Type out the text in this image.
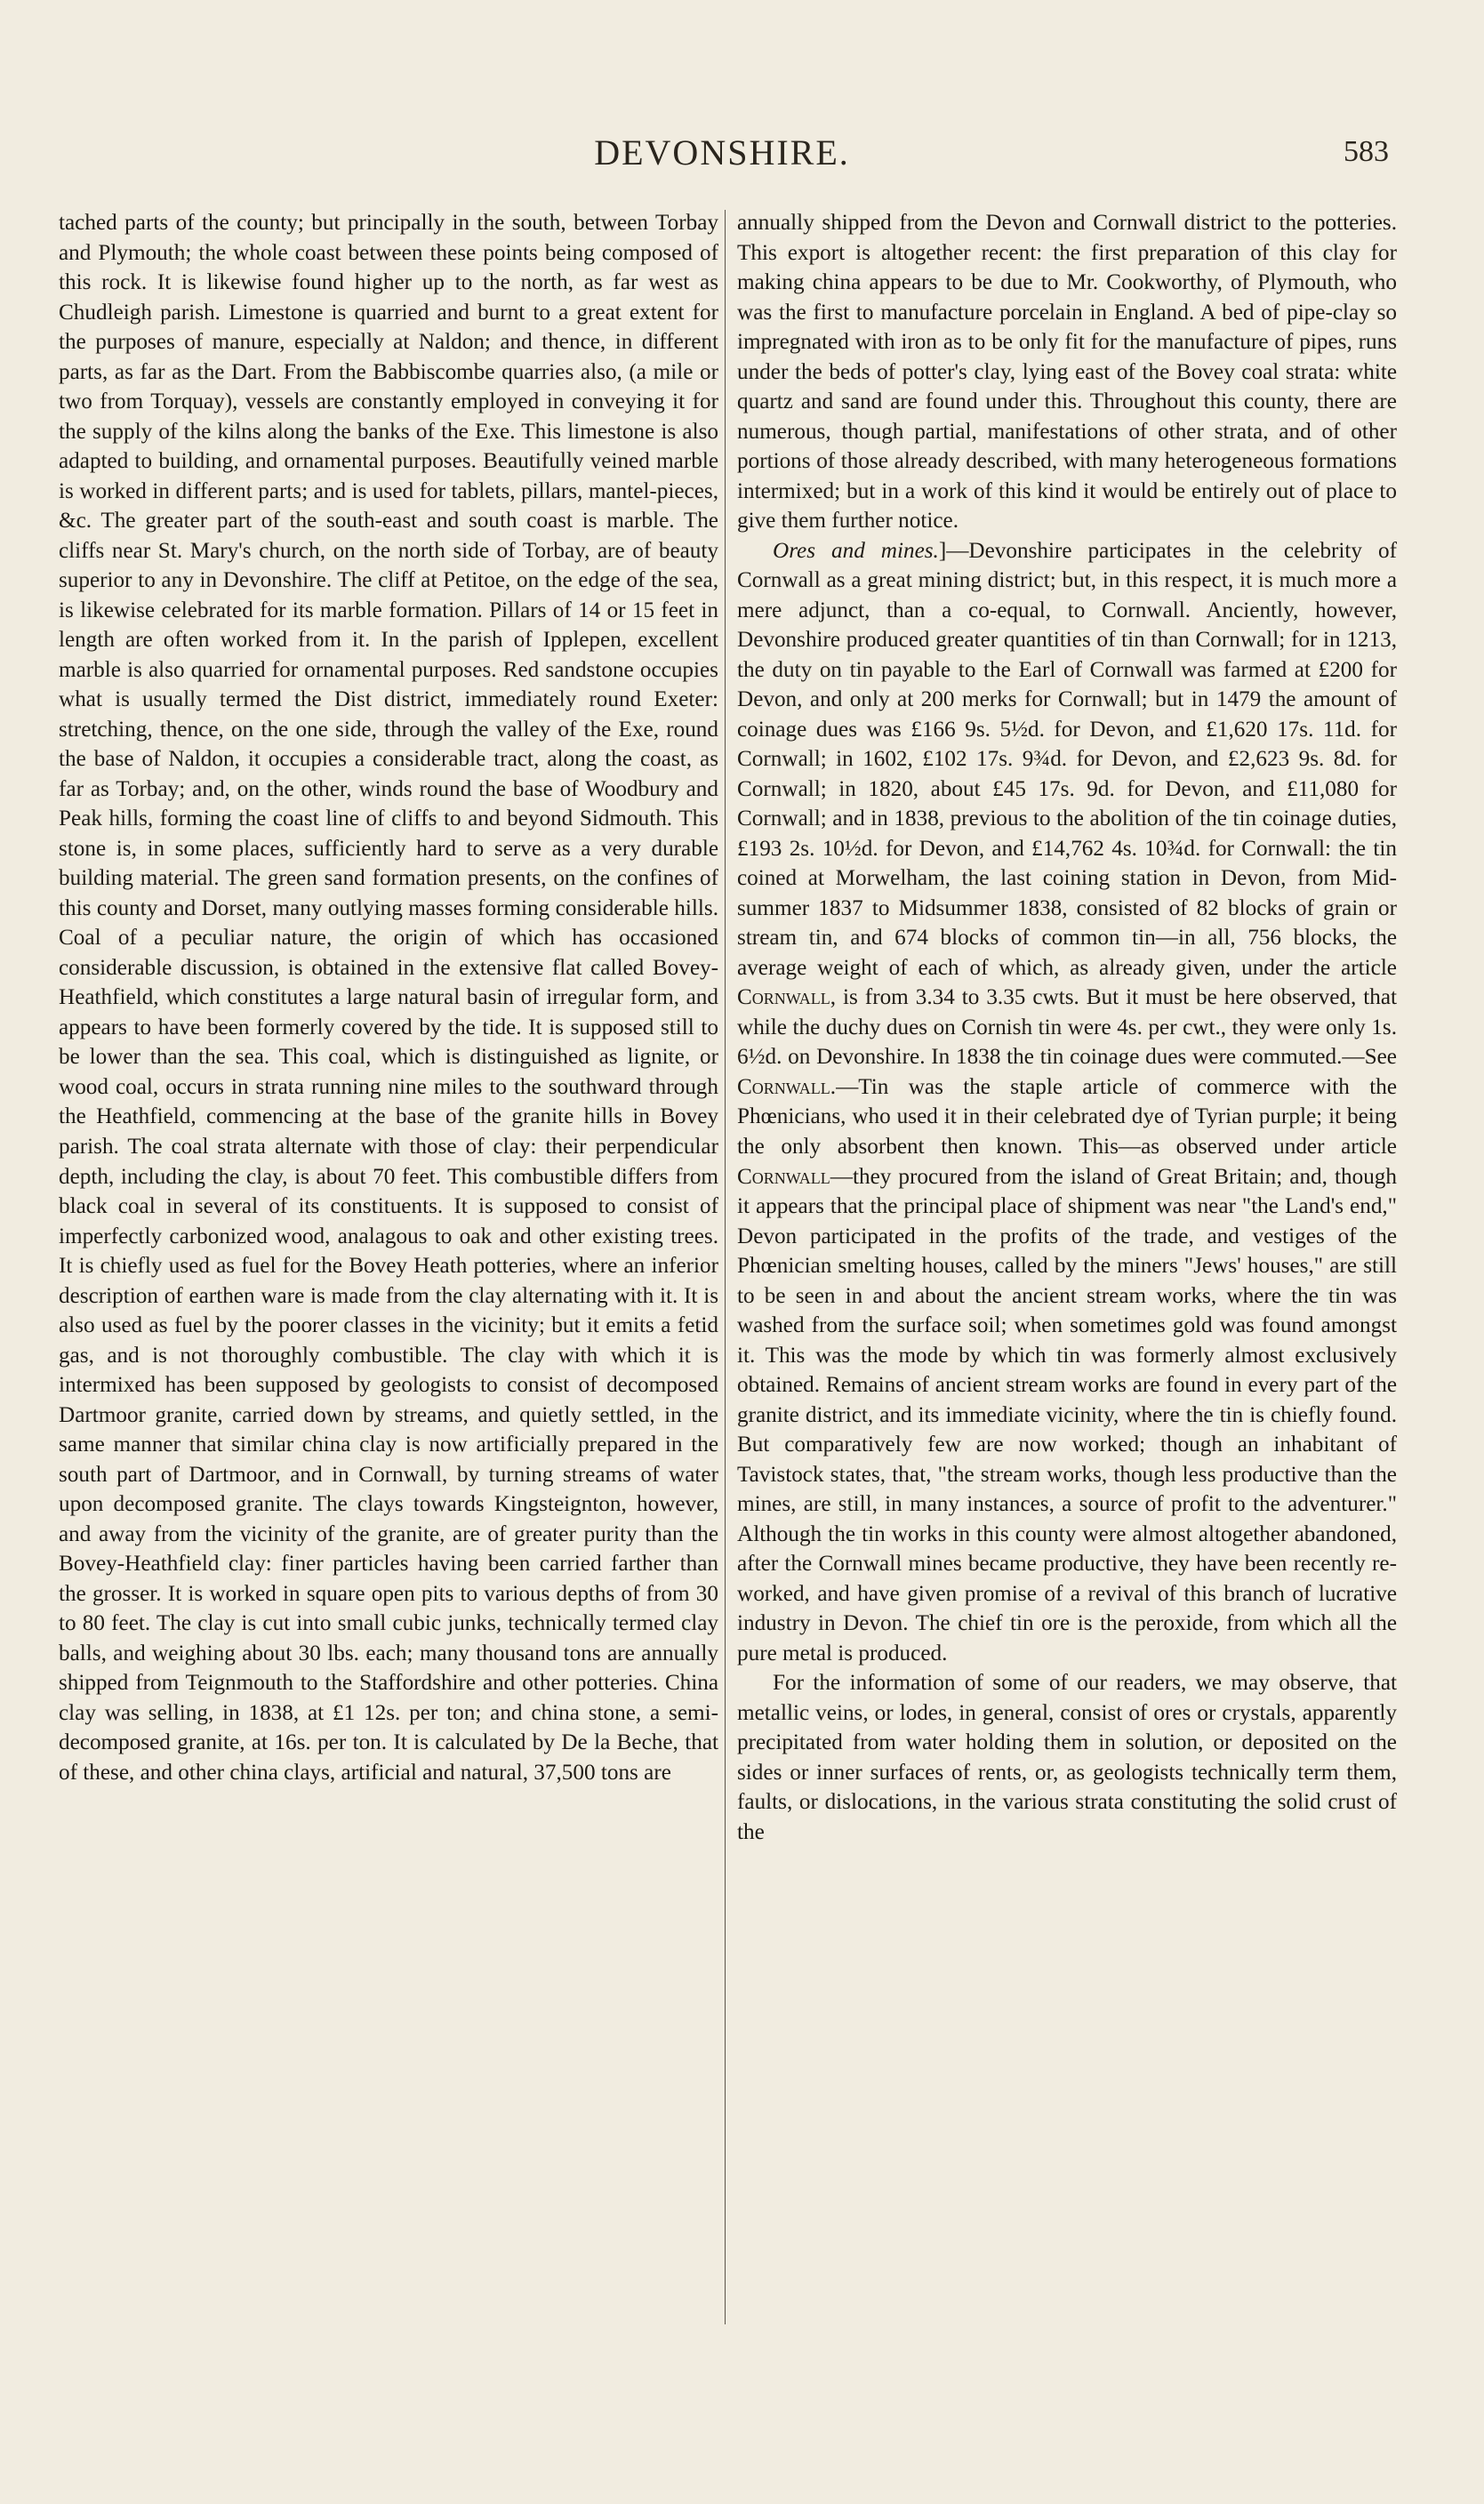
DEVONSHIRE.	583

tached parts of the county; but principally in the south, between Torbay and Plymouth; the whole coast between these points being composed of this rock. It is likewise found higher up to the north, as far west as Chudleigh parish. Limestone is quarried and burnt to a great extent for the purposes of manure, especially at Naldon; and thence, in different parts, as far as the Dart. From the Babbiscombe quarries also, (a mile or two from Torquay), vessels are constantly employed in conveying it for the supply of the kilns along the banks of the Exe. This limestone is also adapted to building, and ornamental purposes. Beautifully veined marble is worked in different parts; and is used for tablets, pillars, mantel-pieces, &c. The greater part of the south-east and south coast is marble. The cliffs near St. Mary's church, on the north side of Torbay, are of beauty superior to any in Devonshire. The cliff at Petitoe, on the edge of the sea, is likewise celebrated for its marble formation. Pillars of 14 or 15 feet in length are often worked from it. In the parish of Ipplepen, excellent marble is also quarried for ornamental purposes. Red sandstone occupies what is usually termed the Dist district, immediately round Exeter: stretching, thence, on the one side, through the valley of the Exe, round the base of Naldon, it occupies a considerable tract, along the coast, as far as Torbay; and, on the other, winds round the base of Woodbury and Peak hills, forming the coast line of cliffs to and beyond Sidmouth. This stone is, in some places, sufficiently hard to serve as a very durable building material. The green sand formation presents, on the confines of this county and Dorset, many outlying masses forming considerable hills. Coal of a peculiar nature, the origin of which has occasioned considerable discussion, is obtained in the extensive flat called Bovey-Heathfield, which constitutes a large natural basin of irregular form, and appears to have been formerly covered by the tide. It is supposed still to be lower than the sea. This coal, which is distinguished as lignite, or wood coal, occurs in strata running nine miles to the southward through the Heathfield, commencing at the base of the granite hills in Bovey parish. The coal strata alternate with those of clay: their perpendicular depth, including the clay, is about 70 feet. This combustible differs from black coal in several of its constituents. It is supposed to consist of imperfectly carbonized wood, analagous to oak and other existing trees. It is chiefly used as fuel for the Bovey Heath potteries, where an inferior description of earthen ware is made from the clay alternating with it. It is also used as fuel by the poorer classes in the vicinity; but it emits a fetid gas, and is not thoroughly combustible. The clay with which it is intermixed has been supposed by geologists to consist of decomposed Dartmoor granite, carried down by streams, and quietly settled, in the same manner that similar china clay is now artificially prepared in the south part of Dartmoor, and in Cornwall, by turning streams of water upon decomposed granite. The clays towards Kingsteignton, however, and away from the vicinity of the granite, are of greater purity than the Bovey-Heathfield clay: finer particles having been carried farther than the grosser. It is worked in square open pits to various depths of from 30 to 80 feet. The clay is cut into small cubic junks, technically termed clay balls, and weighing about 30 lbs. each; many thousand tons are annually shipped from Teignmouth to the Staffordshire and other potteries. China clay was selling, in 1838, at £1 12s. per ton; and china stone, a semi-decomposed granite, at 16s. per ton. It is calculated by De la Beche, that of these, and other china clays, artificial and natural, 37,500 tons are

annually shipped from the Devon and Cornwall district to the potteries. This export is altogether recent: the first preparation of this clay for making china appears to be due to Mr. Cookworthy, of Plymouth, who was the first to manufacture porcelain in England. A bed of pipe-clay so impregnated with iron as to be only fit for the manufacture of pipes, runs under the beds of potter's clay, lying east of the Bovey coal strata: white quartz and sand are found under this. Throughout this county, there are numerous, though partial, manifestations of other strata, and of other portions of those already described, with many heterogeneous formations intermixed; but in a work of this kind it would be entirely out of place to give them further notice.

Ores and mines.]—Devonshire participates in the celebrity of Cornwall as a great mining district; but, in this respect, it is much more a mere adjunct, than a co-equal, to Cornwall. Anciently, however, Devonshire produced greater quantities of tin than Cornwall; for in 1213, the duty on tin payable to the Earl of Cornwall was farmed at £200 for Devon, and only at 200 merks for Cornwall; but in 1479 the amount of coinage dues was £166 9s. 5½d. for Devon, and £1,620 17s. 11d. for Cornwall; in 1602, £102 17s. 9¾d. for Devon, and £2,623 9s. 8d. for Cornwall; in 1820, about £45 17s. 9d. for Devon, and £11,080 for Cornwall; and in 1838, previous to the abolition of the tin coinage duties, £193 2s. 10½d. for Devon, and £14,762 4s. 10¾d. for Cornwall: the tin coined at Morwelham, the last coining station in Devon, from Mid-summer 1837 to Midsummer 1838, consisted of 82 blocks of grain or stream tin, and 674 blocks of common tin—in all, 756 blocks, the average weight of each of which, as already given, under the article Cornwall, is from 3.34 to 3.35 cwts. But it must be here observed, that while the duchy dues on Cornish tin were 4s. per cwt., they were only 1s. 6½d. on Devonshire. In 1838 the tin coinage dues were commuted.—See Cornwall.—Tin was the staple article of commerce with the Phœnicians, who used it in their celebrated dye of Tyrian purple; it being the only absorbent then known. This—as observed under article Cornwall—they procured from the island of Great Britain; and, though it appears that the principal place of shipment was near "the Land's end," Devon participated in the profits of the trade, and vestiges of the Phœnician smelting houses, called by the miners "Jews' houses," are still to be seen in and about the ancient stream works, where the tin was washed from the surface soil; when sometimes gold was found amongst it. This was the mode by which tin was formerly almost exclusively obtained. Remains of ancient stream works are found in every part of the granite district, and its immediate vicinity, where the tin is chiefly found. But comparatively few are now worked; though an inhabitant of Tavistock states, that, "the stream works, though less productive than the mines, are still, in many instances, a source of profit to the adventurer." Although the tin works in this county were almost altogether abandoned, after the Cornwall mines became productive, they have been recently re-worked, and have given promise of a revival of this branch of lucrative industry in Devon. The chief tin ore is the peroxide, from which all the pure metal is produced.

For the information of some of our readers, we may observe, that metallic veins, or lodes, in general, consist of ores or crystals, apparently precipitated from water holding them in solution, or deposited on the sides or inner surfaces of rents, or, as geologists technically term them, faults, or dislocations, in the various strata constituting the solid crust of the
